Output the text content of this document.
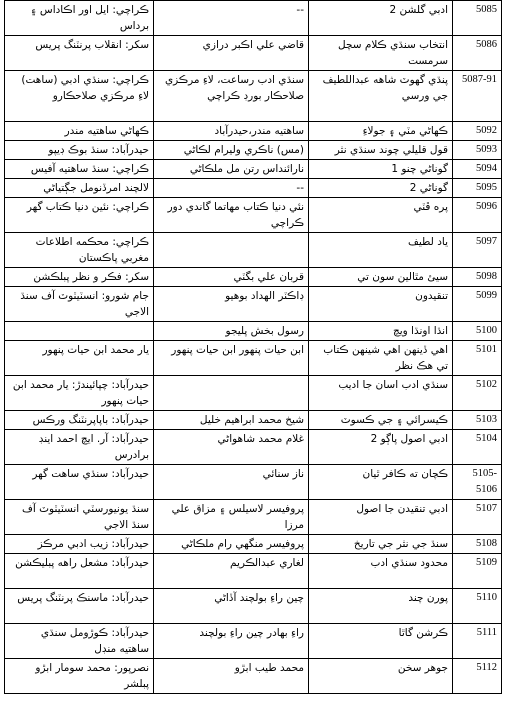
ڪراچي: ايل اور اڪاداس ۽ برداس	--	ادبي گلشن 2	5085
سکر: انقلاب پرنٽنگ پريس	قاضي علي اڪبر درازي	انتخاب سنڌي ڪلام سچل سرمست	5086
ڪراچي: سنڌي ادبي (ساهت) لاءِ مرڪزي صلاحڪارو	سنڌي ادب رساعت، لاءِ مرڪزي صلاحڪار بورڊ ڪراچي	پنڌي گهوٽ شاهه عبداللطيف جي ورسي	5087-91
ڪهاڻي ساهتيه مندر	ساهتيه مندر،حيدرآباد	ڪهاڻي مٽي ۽ جولاءِ	5092
حيدرآباد: سنڌ بوڪ ڊيپو	(مس) ناڪري وليرام لڪاڻي	قول قليلي چوند سنڌي نثر	5093
ڪراچي: سنڌ ساهتيه آفيس	نارائنداس رتن مل ملڪاڻي	گوناڻي چنو 1	5094
لالچند امرڏنومل جڳتياڻي	--	گوناڻي 2	5095
ڪراچي: نئين دنيا ڪتاب گهر	نئي دنيا ڪتاب مهاتما گاندي دور ڪراچي	پره ڦٽي	5096
ڪراچي: محڪمه اطلاعات مغربي پاڪستان		ياد لطيف	5097
سکر: فڪر و نظر پبلڪشن	قربان علي بگٽي	سيئ مٿالين سون تي	5098
جام شورو: انسٽيٽوٽ آف سنڌ الاجي	ڊاڪٽر الهداد بوهيو	تنقيدون	5099
	رسول بخش پليجو	انڌا اونڌا ويچ	5100
يار محمد ابن حيات پنهور	ابن حيات پنهور ابن حيات پنهور	اهي ڏينهن اهي شينهن ڪتاب تي هڪ نظر	5101
حيدرآباد: چپائيندڙ: يار محمد ابن حيات پنهور		سنڌي ادب اسان جا اديب	5102
حيدرآباد: باپاپرنٽنگ ورڪس	شيخ محمد ابراهيم خليل	ڪيسرائي ۽ جي ڪسوٽ	5103
حيدرآباد: آر. ايچ احمد اينڊ برادرس	غلام محمد شاهواڻي	ادبي اصول پاڳو 2	5104
حيدرآباد: سنڌي ساهت گهر	ناز سنائي	ڪچان ته ڪافر ٿيان	5105-5106
سنڌ يونيورسٽي انسٽيٽوٽ آف سنڌ الاجي	پروفيسر لاسيلس ۽ مزاق علي مرزا	ادبي تنقيدن جا اصول	5107
حيدرآباد: زيب ادبي مرڪز	پروفيسر منگهي رام ملڪاڻي	سنڌ جي نثر جي تاريخ	5108
حيدرآباد: مشعل راهه پبليڪشن	لغاري عبدالڪريم	محدود سنڌي ادب	5109
حيدرآباد: ماسنڪ پرنٽنگ پريس	چين راءِ بولچند آڏاڻي	پورن چند	5110
حيدرآباد: ڪوڙومل سنڌي ساهتيه منڊل	راءِ بهادر چين راءِ بولچند	ڪرشن گاٿا	5111
نصرپور: محمد سومار ابڙو پبلشر	محمد طيب ابڙو	جوهر سخن	5112
